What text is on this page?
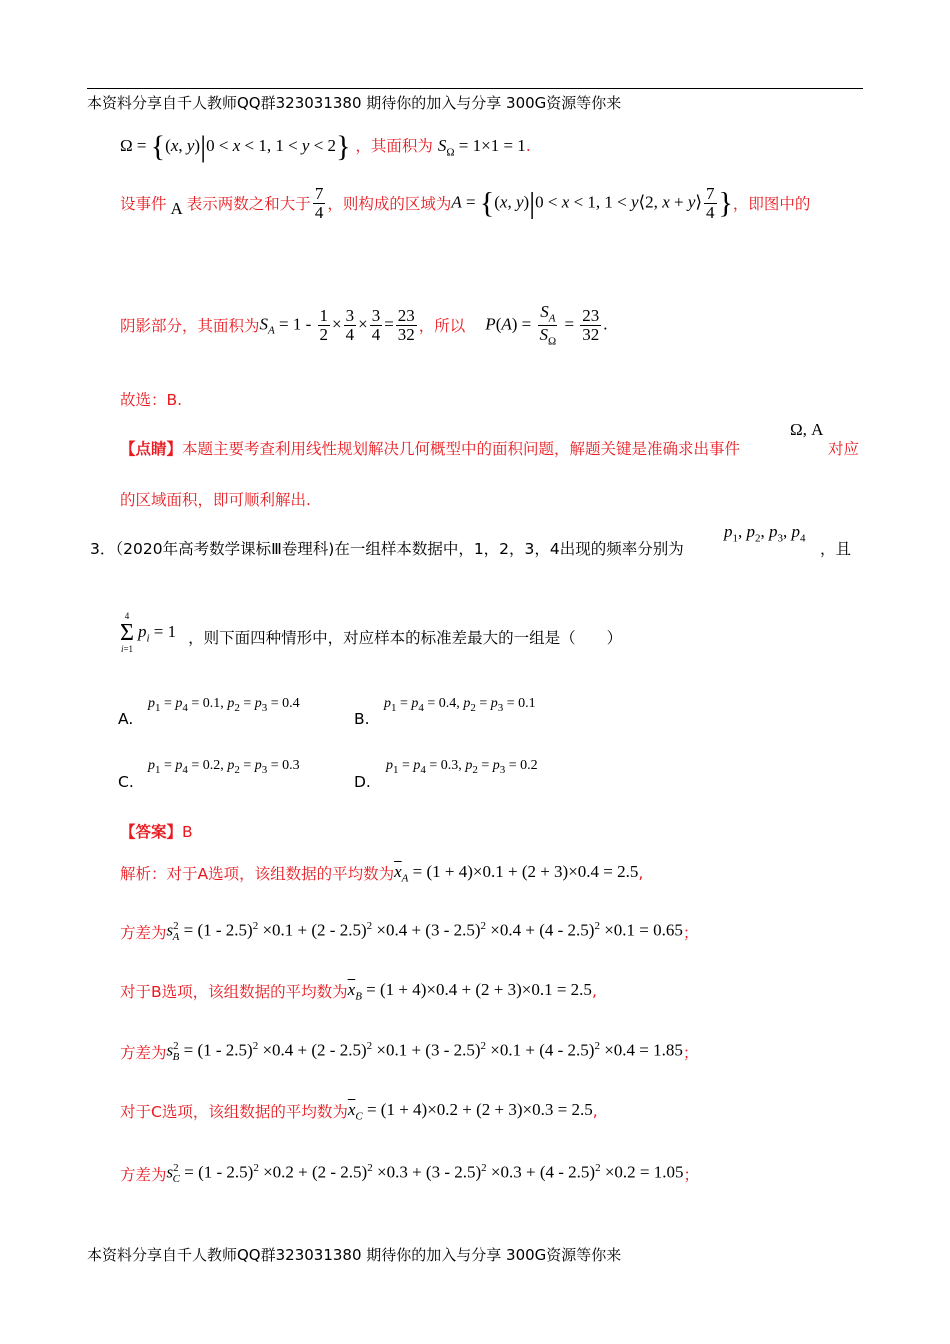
本资料分享自千人教师QQ群323031380 期待你的加入与分享 300G资源等你来
Ω = {(x, y)|0 < x < 1, 1 < y < 2} ，其面积为 $S_\Omega = 1\times 1 = 1$.
设事件 A 表示两数之和大于 $\frac{7}{4}$ ，则构成的区域为 A = {(x, y)|0 < x < 1, 1 < y⟨2, x + y⟩ $\frac{7}{4}$ } ，即图中的
阴影部分，其面积为 $S_A = 1 - \frac{1}{2} \times \frac{3}{4} \times \frac{3}{4} = \frac{23}{32}$ ，所以 $P(A) = \frac{S_A}{S_\Omega} = \frac{23}{32}$ .
故选：B.
【点睛】本题主要考查利用线性规划解决几何概型中的面积问题，解题关键是准确求出事件
Ω, A
对应
的区域面积，即可顺利解出.
3．（2020年高考数学课标Ⅲ卷理科)在一组样本数据中，1，2，3，4出现的频率分别为
$p_1$, $p_2$, $p_3$, $p_4$
，且
4
Σ
i=1
$p_i = 1$ ，则下面四种情形中，对应样本的标准差最大的一组是（　　）
A.
$p_1 = p_4 = 0.1$, $p_2 = p_3 = 0.4$
B.
$p_1 = p_4 = 0.4$, $p_2 = p_3 = 0.1$
C.
$p_1 = p_4 = 0.2$, $p_2 = p_3 = 0.3$
D.
$p_1 = p_4 = 0.3$, $p_2 = p_3 = 0.2$
【答案】B
解析：对于A选项，该组数据的平均数为 $\overline{x}_A = (1 + 4)\times 0.1 + (2 + 3)\times 0.4 = 2.5$ ,
方差为 $s^2_A = (1 - 2.5)^2 \times 0.1 + (2 - 2.5)^2 \times 0.4 + (3 - 2.5)^2 \times 0.4 + (4 - 2.5)^2 \times 0.1 = 0.65$ ；
对于B选项，该组数据的平均数为 $\overline{x}_B = (1 + 4)\times 0.4 + (2 + 3)\times 0.1 = 2.5$ ,
方差为 $s^2_B = (1 - 2.5)^2 \times 0.4 + (2 - 2.5)^2 \times 0.1 + (3 - 2.5)^2 \times 0.1 + (4 - 2.5)^2 \times 0.4 = 1.85$ ；
对于C选项，该组数据的平均数为 $\overline{x}_C = (1 + 4)\times 0.2 + (2 + 3)\times 0.3 = 2.5$ ,
方差为 $s^2_C = (1 - 2.5)^2 \times 0.2 + (2 - 2.5)^2 \times 0.3 + (3 - 2.5)^2 \times 0.3 + (4 - 2.5)^2 \times 0.2 = 1.05$ ；
本资料分享自千人教师QQ群323031380 期待你的加入与分享 300G资源等你来
